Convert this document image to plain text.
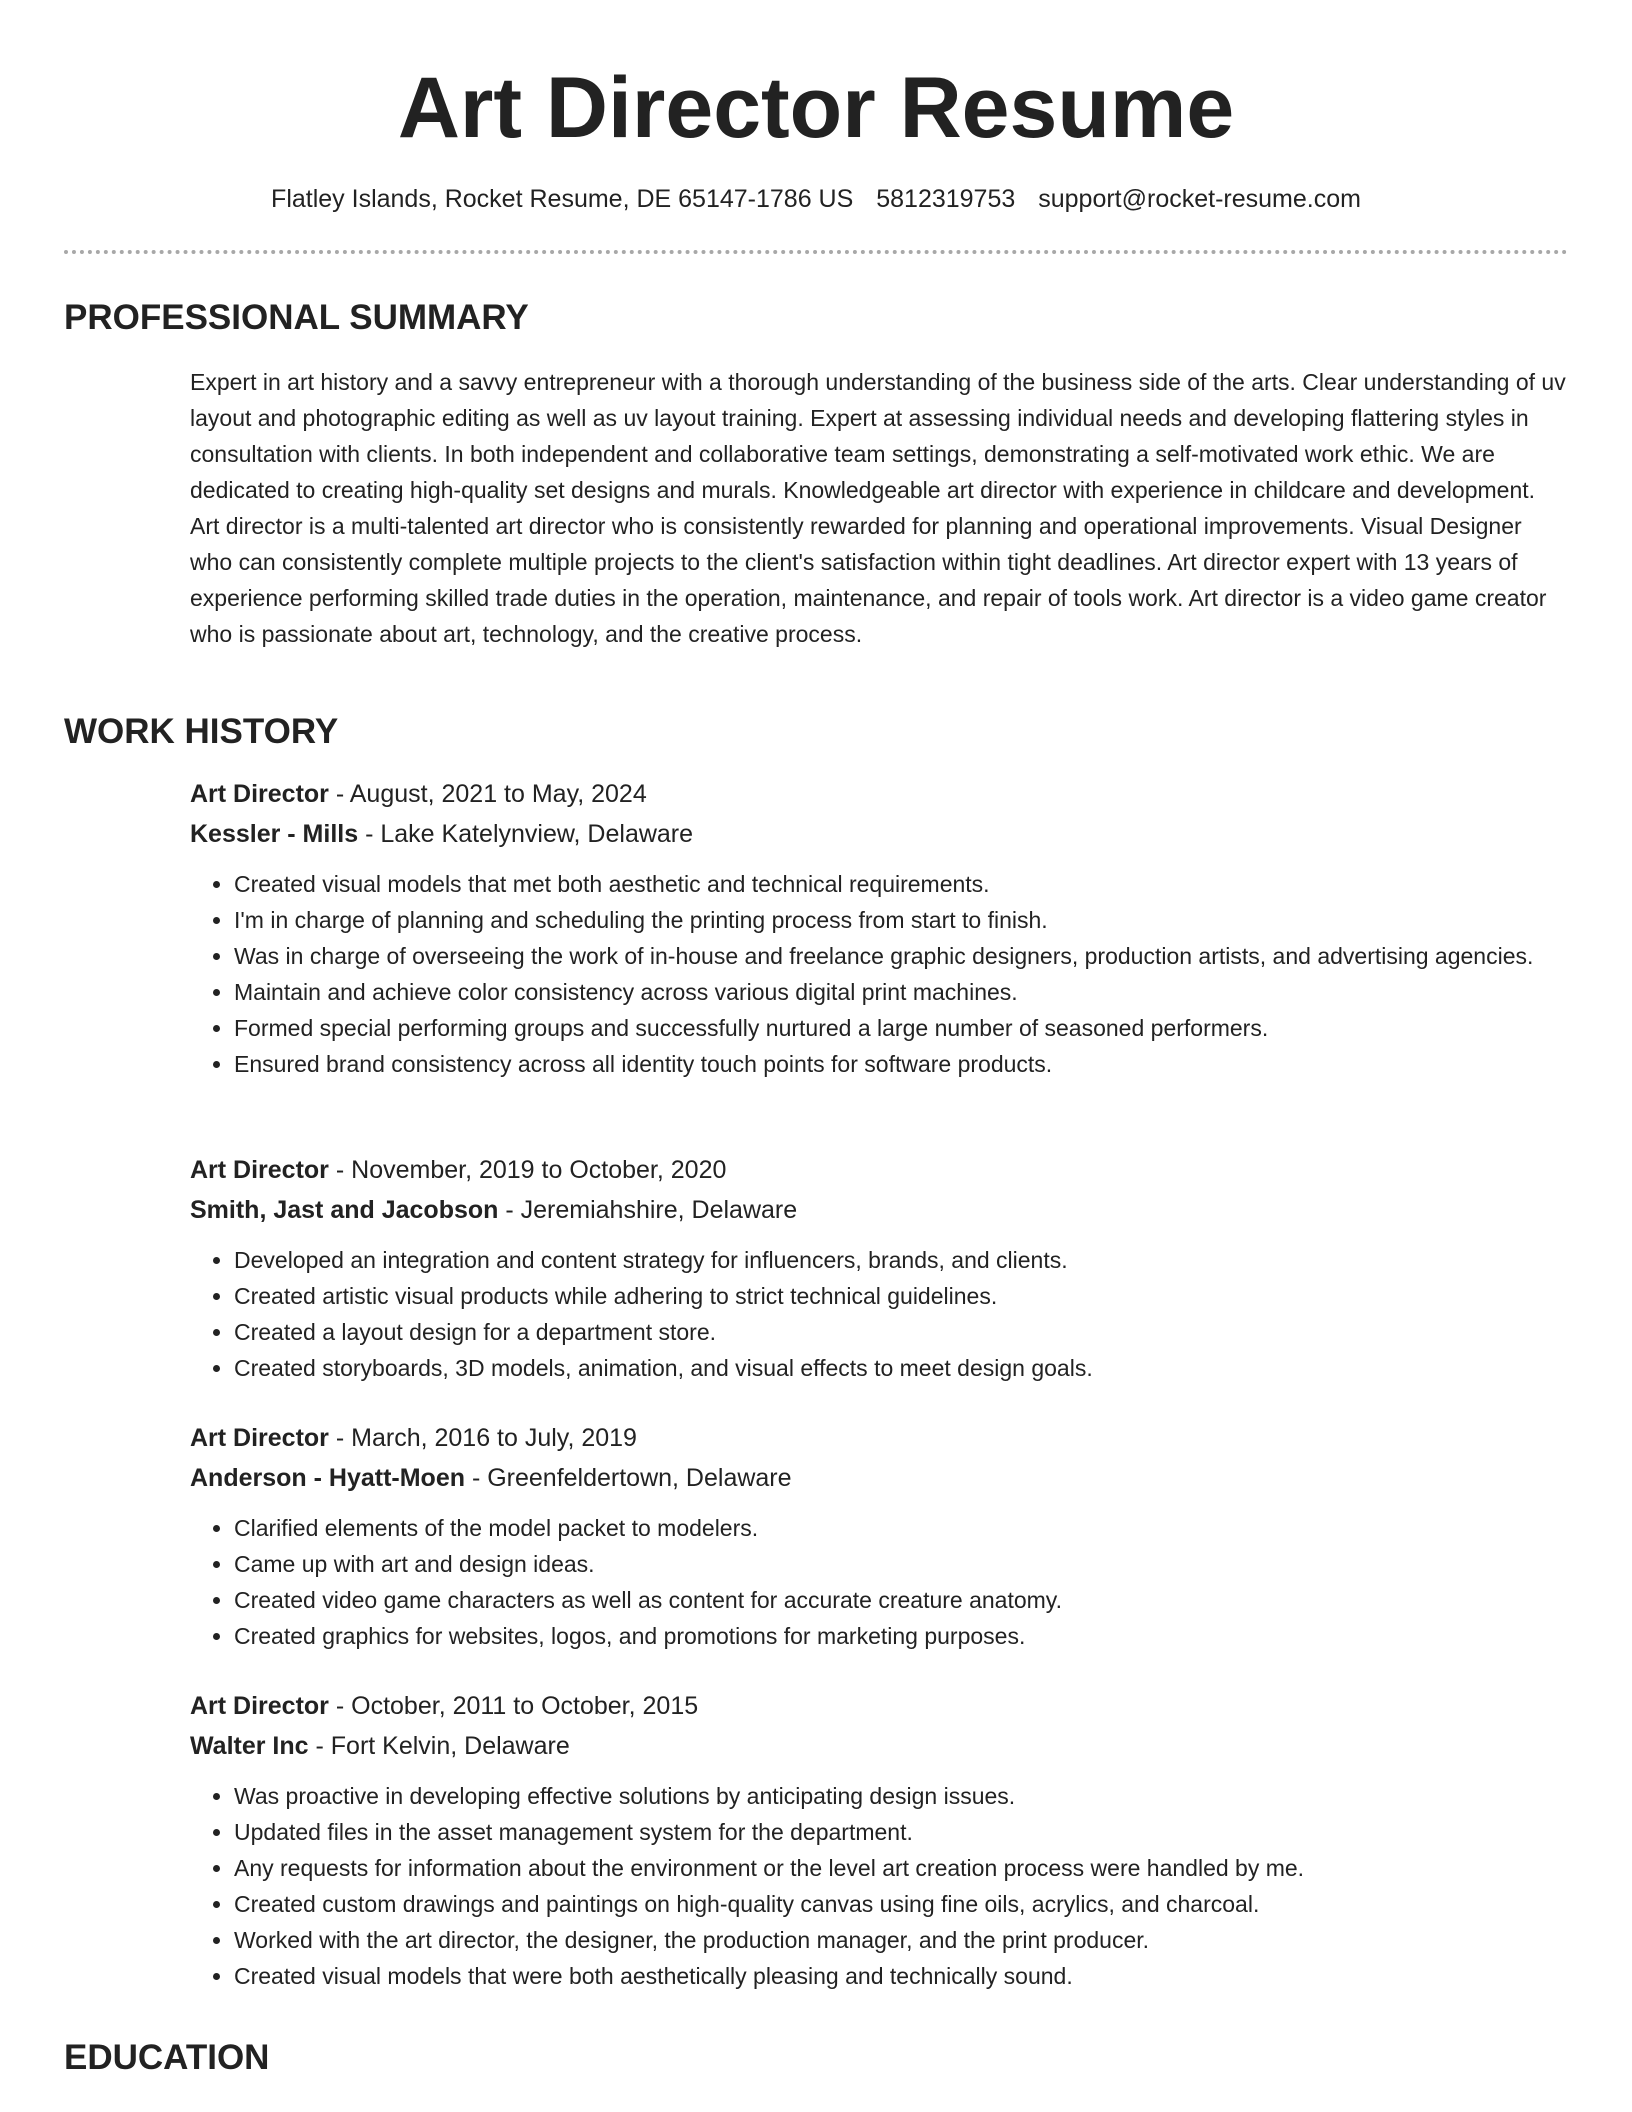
Art Director Resume
Flatley Islands, Rocket Resume, DE 65147-1786 US 5812319753 support@rocket-resume.com
PROFESSIONAL SUMMARY

Expert in art history and a savvy entrepreneur with a thorough understanding of the business side of the arts. Clear understanding of uv layout and photographic editing as well as uv layout training. Expert at assessing individual needs and developing flattering styles in consultation with clients. In both independent and collaborative team settings, demonstrating a self-motivated work ethic. We are dedicated to creating high-quality set designs and murals. Knowledgeable art director with experience in childcare and development. Art director is a multi-talented art director who is consistently rewarded for planning and operational improvements. Visual Designer who can consistently complete multiple projects to the client's satisfaction within tight deadlines. Art director expert with 13 years of experience performing skilled trade duties in the operation, maintenance, and repair of tools work. Art director is a video game creator who is passionate about art, technology, and the creative process.

WORK HISTORY

Art Director - August, 2021 to May, 2024

Kessler - Mills - Lake Katelynview, Delaware

• Created visual models that met both aesthetic and technical requirements.
• I'm in charge of planning and scheduling the printing process from start to finish.
• Was in charge of overseeing the work of in-house and freelance graphic designers, production artists, and advertising agencies.
• Maintain and achieve color consistency across various digital print machines.
• Formed special performing groups and successfully nurtured a large number of seasoned performers.
• Ensured brand consistency across all identity touch points for software products.

Art Director - November, 2019 to October, 2020

Smith, Jast and Jacobson - Jeremiahshire, Delaware

• Developed an integration and content strategy for influencers, brands, and clients.
• Created artistic visual products while adhering to strict technical guidelines.
• Created a layout design for a department store.
• Created storyboards, 3D models, animation, and visual effects to meet design goals.

Art Director - March, 2016 to July, 2019

Anderson - Hyatt-Moen - Greenfeldertown, Delaware

• Clarified elements of the model packet to modelers.
• Came up with art and design ideas.
• Created video game characters as well as content for accurate creature anatomy.
• Created graphics for websites, logos, and promotions for marketing purposes.

Art Director - October, 2011 to October, 2015

Walter Inc - Fort Kelvin, Delaware

• Was proactive in developing effective solutions by anticipating design issues.
• Updated files in the asset management system for the department.
• Any requests for information about the environment or the level art creation process were handled by me.
• Created custom drawings and paintings on high-quality canvas using fine oils, acrylics, and charcoal.
• Worked with the art director, the designer, the production manager, and the print producer.
• Created visual models that were both aesthetically pleasing and technically sound.
EDUCATION
